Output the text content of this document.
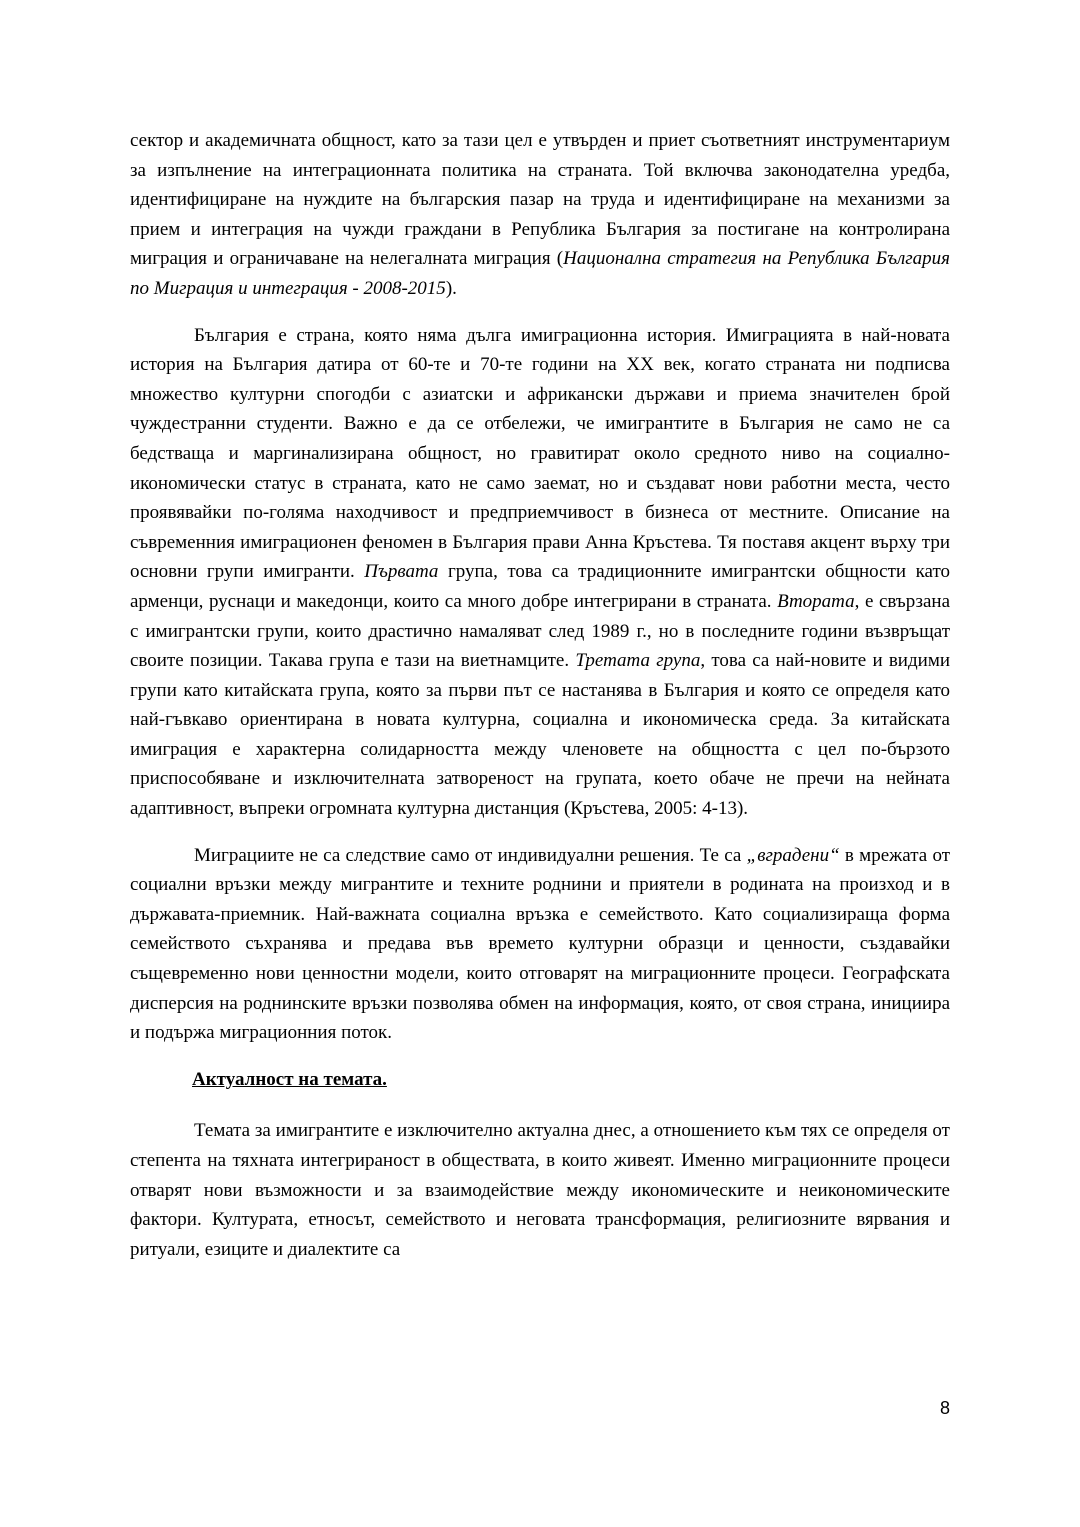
сектор и академичната общност, като за тази цел е утвърден и приет съответният инструментариум за изпълнение на интеграционната политика на страната. Той включва законодателна уредба, идентифициране на нуждите на българския пазар на труда и идентифициране на механизми за прием и интеграция на чужди граждани в Република България за постигане на контролирана миграция и ограничаване на нелегалната миграция (Национална стратегия на Република България по Миграция и интеграция - 2008-2015).

България е страна, която няма дълга имиграционна история. Имиграцията в най-новата история на България датира от 60-те и 70-те години на XX век, когато страната ни подписва множество културни спогодби с азиатски и африкански държави и приема значителен брой чуждестранни студенти. Важно е да се отбележи, че имигрантите в България не само не са бедстваща и маргинализирана общност, но гравитират около средното ниво на социално-икономически статус в страната, като не само заемат, но и създават нови работни места, често проявявайки по-голяма находчивост и предприемчивост в бизнеса от местните. Описание на съвременния имиграционен феномен в България прави Анна Кръстева. Тя поставя акцент върху три основни групи имигранти. Първата група, това са традиционните имигрантски общности като арменци, руснаци и македонци, които са много добре интегрирани в страната. Втората, е свързана с имигрантски групи, които драстично намаляват след 1989 г., но в последните години възвръщат своите позиции. Такава група е тази на виетнамците. Третата група, това са най-новите и видими групи като китайската група, която за първи път се настанява в България и която се определя като най-гъвкаво ориентирана в новата културна, социална и икономическа среда. За китайската имиграция е характерна солидарността между членовете на общността с цел по-бързото приспособяване и изключителната затвореност на групата, което обаче не пречи на нейната адаптивност, въпреки огромната културна дистанция (Кръстева, 2005: 4-13).

Миграциите не са следствие само от индивидуални решения. Те са „вградени“ в мрежата от социални връзки между мигрантите и техните роднини и приятели в родината на произход и в държавата-приемник. Най-важната социална връзка е семейството. Като социализираща форма семейството съхранява и предава във времето културни образци и ценности, създавайки същевременно нови ценностни модели, които отговарят на миграционните процеси. Географската дисперсия на роднинските връзки позволява обмен на информация, която, от своя страна, инициира и подържа миграционния поток.

Актуалност на темата.

Темата за имигрантите е изключително актуална днес, а отношението към тях се определя от степента на тяхната интегрираност в обществата, в които живеят. Именно миграционните процеси отварят нови възможности и за взаимодействие между икономическите и неикономическите фактори. Културата, етносът, семейството и неговата трансформация, религиозните вярвания и ритуали, езиците и диалектите са

8
